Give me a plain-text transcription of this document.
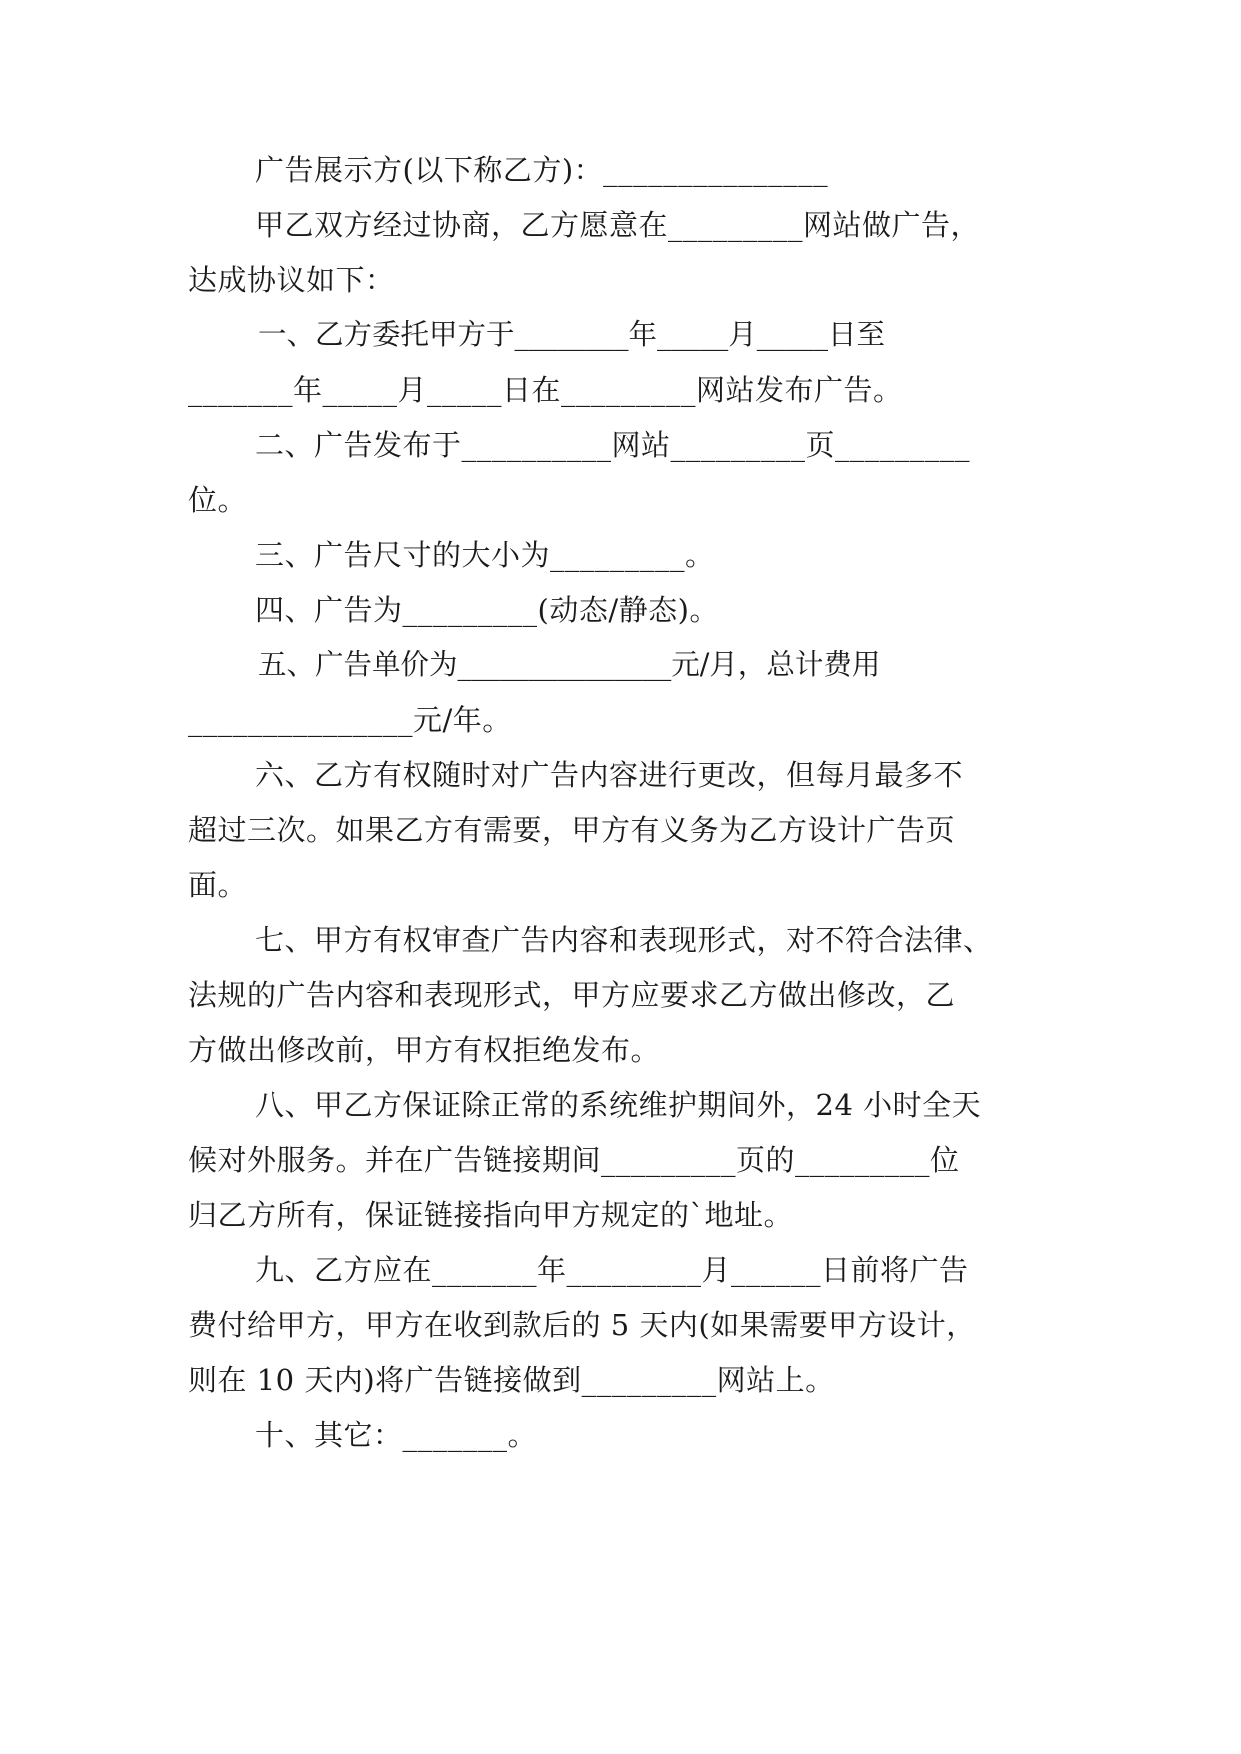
广告展示方(以下称乙方)：_______________
甲乙双方经过协商，乙方愿意在_________网站做广告，
达成协议如下：
一、乙方委托甲方于________年_____月_____日至
_______年_____月_____日在_________网站发布广告。
二、广告发布于__________网站_________页_________
位。
三、广告尺寸的大小为_________。
四、广告为_________(动态/静态)。
五、广告单价为_______________元/月，总计费用
_______________元/年。
六、乙方有权随时对广告内容进行更改，但每月最多不
超过三次。如果乙方有需要，甲方有义务为乙方设计广告页
面。
七、甲方有权审查广告内容和表现形式，对不符合法律、
法规的广告内容和表现形式，甲方应要求乙方做出修改，乙
方做出修改前，甲方有权拒绝发布。
八、甲乙方保证除正常的系统维护期间外，24 小时全天
候对外服务。并在广告链接期间_________页的_________位
归乙方所有，保证链接指向甲方规定的`地址。
九、乙方应在_______年_________月______日前将广告
费付给甲方，甲方在收到款后的 5 天内(如果需要甲方设计，
则在 10 天内)将广告链接做到_________网站上。
十、其它：_______。
